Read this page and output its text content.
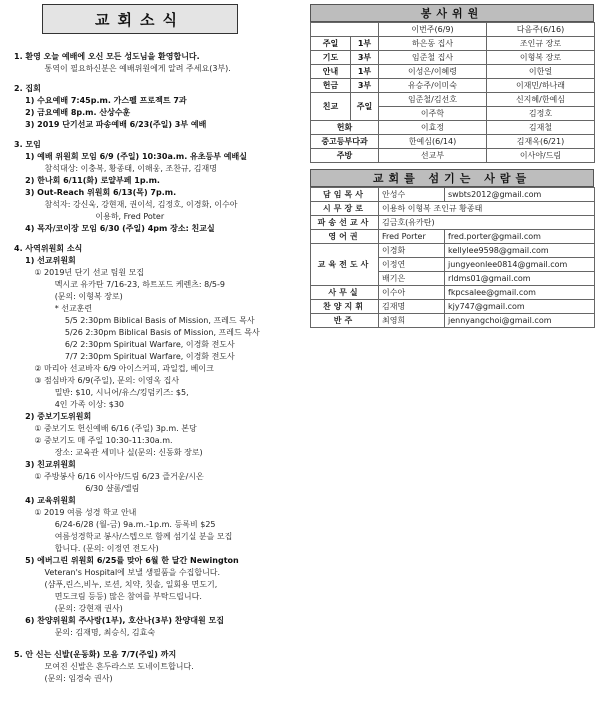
교회소식
1. 환영 오늘 예배에 오신 모든 성도님을 환영합니다.
통역이 필요하신분은 예배위원에게 알려 주세요(3부).
2. 집회
1) 수요예배 7:45p.m. 가스펠 프로젝트 7과
2) 금요예배 8p.m. 산상수훈
3) 2019 단기선교 파송예배 6/23(주일) 3부 예배
3. 모임
1) 예배 위원회 모임 6/9 (주일) 10:30a.m. 유초등부 예배실
참석대상: 이충복, 황종태, 이해웅, 조찬규, 김재명
2) 한나회 6/11(화) 로얄부페 1p.m.
3) Out-Reach 위원회 6/13(목) 7p.m.
참석자: 강신욱, 강현재, 권이석, 김정호, 이경화, 이수아
이용하, Fred Poter
4) 목자/코이장 모임 6/30 (주일) 4pm 장소: 친교실
4. 사역위원회 소식
1) 선교위원회
① 2019년 단기 선교 팀원 모집
멕시코 유카탄 7/16-23, 하트포드 케렌츠: 8/5-9
(문의: 이형복 장로)
* 선교훈련
5/5 2:30pm Biblical Basis of Mission, 프레드 목사
5/26 2:30pm Biblical Basis of Mission, 프레드 목사
6/2 2:30pm Spiritual Warfare, 이경화 전도사
7/7 2:30pm Spiritual Warfare, 이경화 전도사
② 마리아 선교바자 6/9 아이스커피, 과일컵, 베이크
③ 점심바자 6/9(주일), 문의: 이영옥 집사
밀반: $10, 시니어/유스/킹덤키즈: $5,
4인 가족 이상: $30
2) 중보기도위원회
① 중보기도 헌신예배 6/16 (주일) 3p.m. 본당
② 중보기도 매 주일 10:30-11:30a.m.
장소: 교육관 세미나 실(문의: 신동화 장로)
3) 친교위원회
① 주방봉사 6/16 이사야/드림 6/23 즐거운/시온
6/30 샬롬/엘림
4) 교육위원회
① 2019 여름 성경 학교 안내
6/24-6/28 (월-금) 9a.m.-1p.m. 등록비 $25
여름성경학교 봉사/스텝으로 함께 섬기실 분을 모집
합니다. (문의: 이정연 전도사)
5) 에버그린 위원회 6/25를 맞아 6월 한 달간 Newington
Veteran's Hospital에 보낼 생필품을 수집합니다.
(샴푸,린스,비누, 로션, 치약, 칫솔, 일회용 면도기,
면도크림 등등) 많은 참여를 부탁드립니다.
(문의: 강현재 권사)
6) 찬양위원회 주사랑(1부), 호산나(3부) 찬양대원 모집
문의: 김재명, 최승식, 김효숙
5. 안 신는 신발(운동화) 모음 7/7(주일) 까지
모여진 신발은 흔두라스로 도네이트합니다.
(문의: 임경숙 권사)
봉사위원
		이번주(6/9)	다음주(6/16)
주일	1부	하은동 집사	조인규 장로
기도	3부	임준철 집사	이형복 장로
안내	1부	이성은/이혜령	이한얼
헌금	3부	유승주/이미숙	이재민/하나래
친교	주일	임준철/김선호	신지혜/한예심
		이주학	김정호
헌화		이효정	김재철
중고등부다과		한예심(6/14)	김재옥(6/21)
주방		선교부	이사야/드림
교회를 섬기는 사람들
담임목사	안성수	swbts2012@gmail.com
시무장로	이용하 이형복 조인규 황종태	
파송선교사	김금호(유카탄)	
영어권	Fred Porter	fred.porter@gmail.com
교육전도사	이경화	kellylee9598@gmail.com
	이정연	jungyeonlee0814@gmail.com
	배기은	rldms01@gmail.com
사무실	이수아	fkpcsalee@gmail.com
찬양지휘	김재명	kjy747@gmail.com
반주	최영희	jennyangchoi@gmail.com
